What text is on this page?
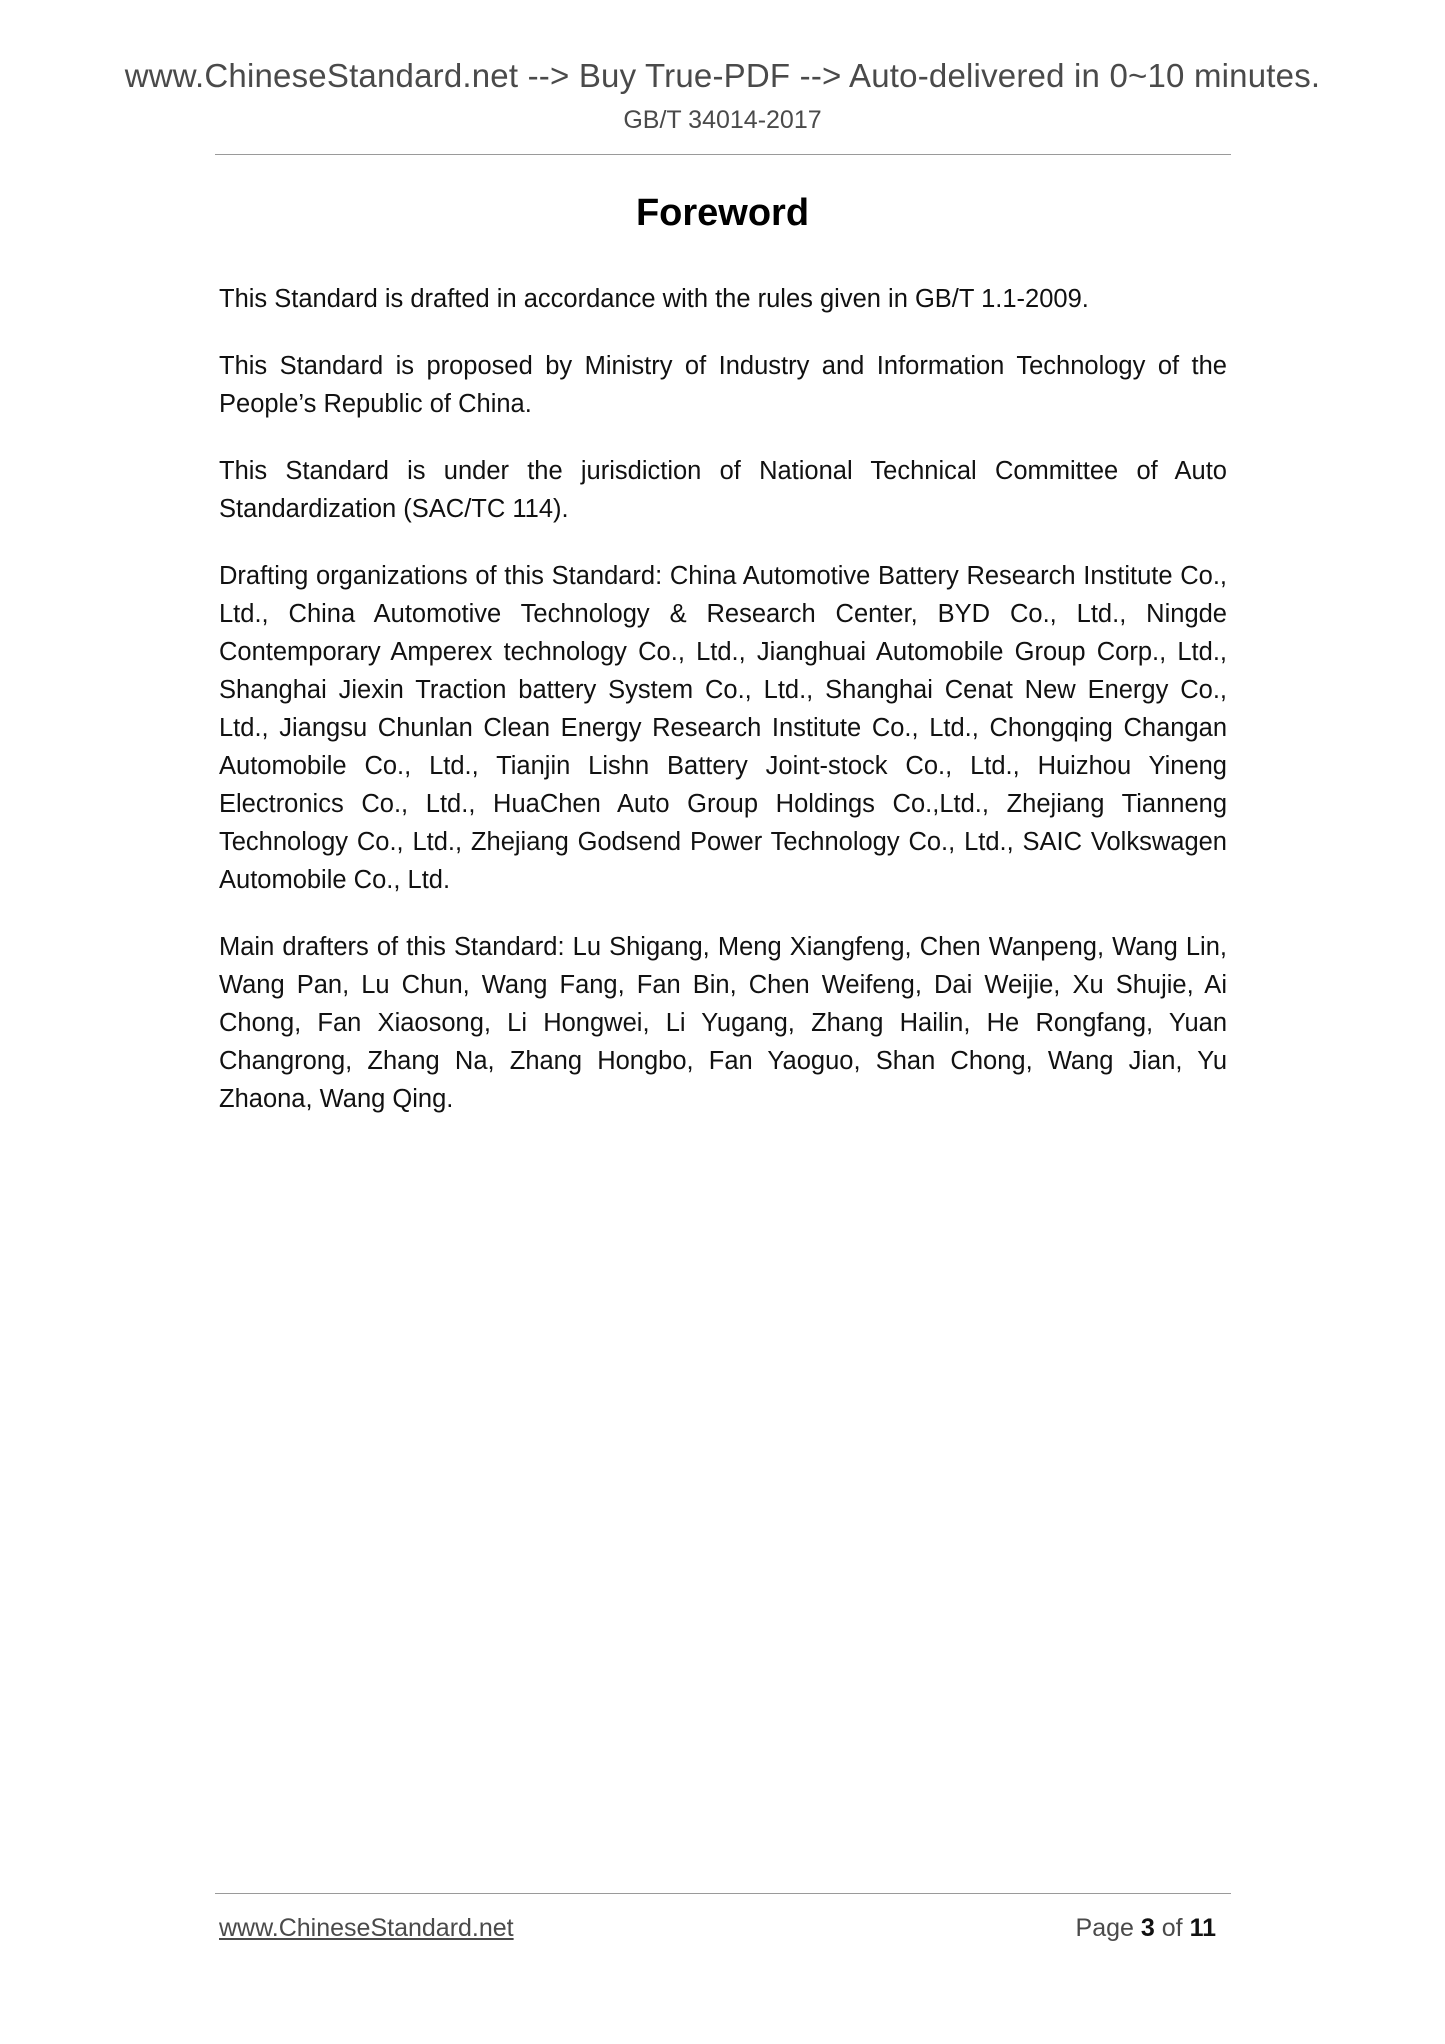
www.ChineseStandard.net --> Buy True-PDF --> Auto-delivered in 0~10 minutes.
GB/T 34014-2017
Foreword

This Standard is drafted in accordance with the rules given in GB/T 1.1-2009.

This Standard is proposed by Ministry of Industry and Information Technology of the People’s Republic of China.

This Standard is under the jurisdiction of National Technical Committee of Auto Standardization (SAC/TC 114).

Drafting organizations of this Standard: China Automotive Battery Research Institute Co., Ltd., China Automotive Technology & Research Center, BYD Co., Ltd., Ningde Contemporary Amperex technology Co., Ltd., Jianghuai Automobile Group Corp., Ltd., Shanghai Jiexin Traction battery System Co., Ltd., Shanghai Cenat New Energy Co., Ltd., Jiangsu Chunlan Clean Energy Research Institute Co., Ltd., Chongqing Changan Automobile Co., Ltd., Tianjin Lishn Battery Joint-stock Co., Ltd., Huizhou Yineng Electronics Co., Ltd., HuaChen Auto Group Holdings Co.,Ltd., Zhejiang Tianneng Technology Co., Ltd., Zhejiang Godsend Power Technology Co., Ltd., SAIC Volkswagen Automobile Co., Ltd.

Main drafters of this Standard: Lu Shigang, Meng Xiangfeng, Chen Wanpeng, Wang Lin, Wang Pan, Lu Chun, Wang Fang, Fan Bin, Chen Weifeng, Dai Weijie, Xu Shujie, Ai Chong, Fan Xiaosong, Li Hongwei, Li Yugang, Zhang Hailin, He Rongfang, Yuan Changrong, Zhang Na, Zhang Hongbo, Fan Yaoguo, Shan Chong, Wang Jian, Yu Zhaona, Wang Qing.

www.ChineseStandard.net	Page 3 of 11
